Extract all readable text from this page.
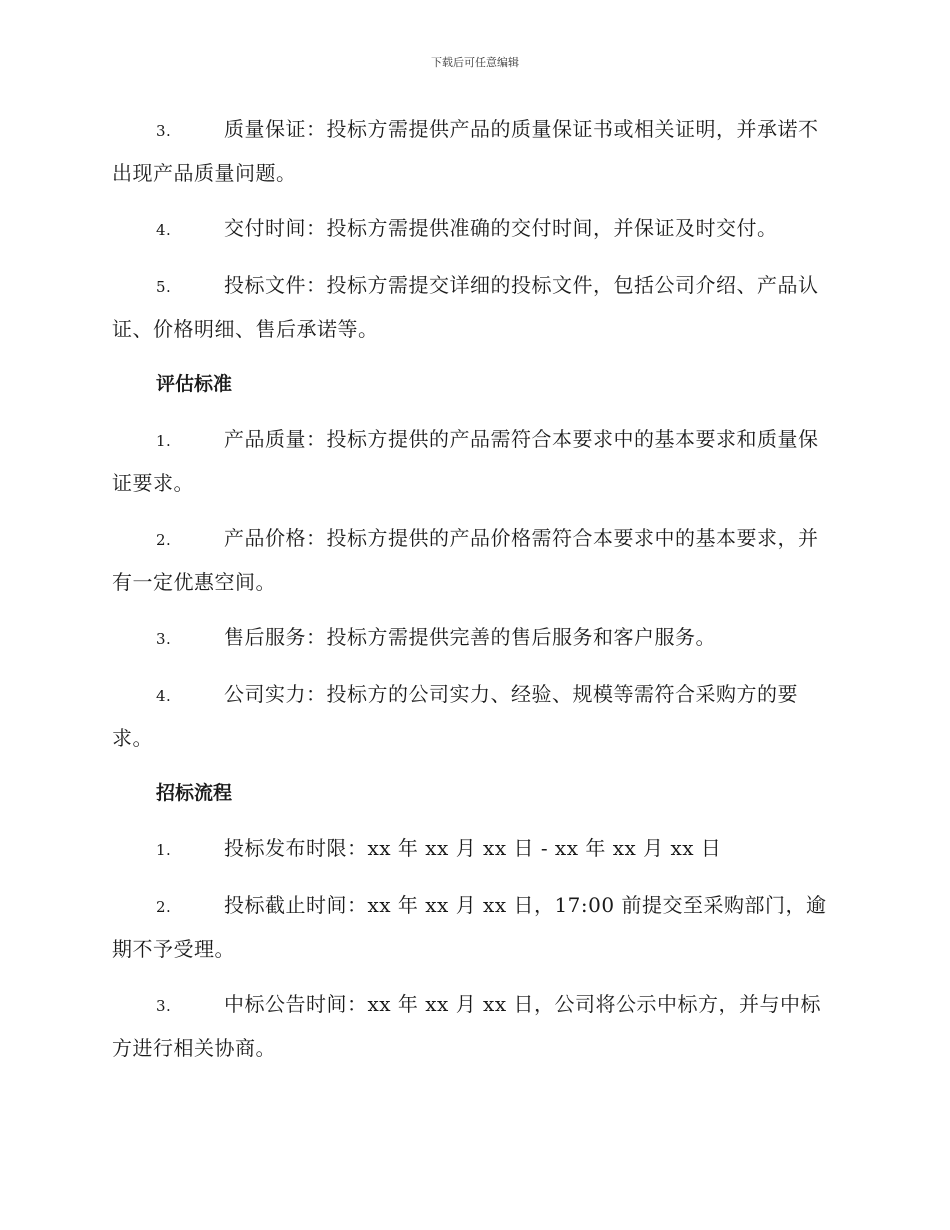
下载后可任意编辑

3.	质量保证：投标方需提供产品的质量保证书或相关证明，并承诺不出现产品质量问题。

4.	交付时间：投标方需提供准确的交付时间，并保证及时交付。

5.	投标文件：投标方需提交详细的投标文件，包括公司介绍、产品认证、价格明细、售后承诺等。

评估标准

1.	产品质量：投标方提供的产品需符合本要求中的基本要求和质量保证要求。

2.	产品价格：投标方提供的产品价格需符合本要求中的基本要求，并有一定优惠空间。

3.	售后服务：投标方需提供完善的售后服务和客户服务。

4.	公司实力：投标方的公司实力、经验、规模等需符合采购方的要求。

招标流程

1.	投标发布时限：xx 年 xx 月 xx 日 - xx 年 xx 月 xx 日

2.	投标截止时间：xx 年 xx 月 xx 日，17:00 前提交至采购部门，逾期不予受理。

3.	中标公告时间：xx 年 xx 月 xx 日，公司将公示中标方，并与中标方进行相关协商。
